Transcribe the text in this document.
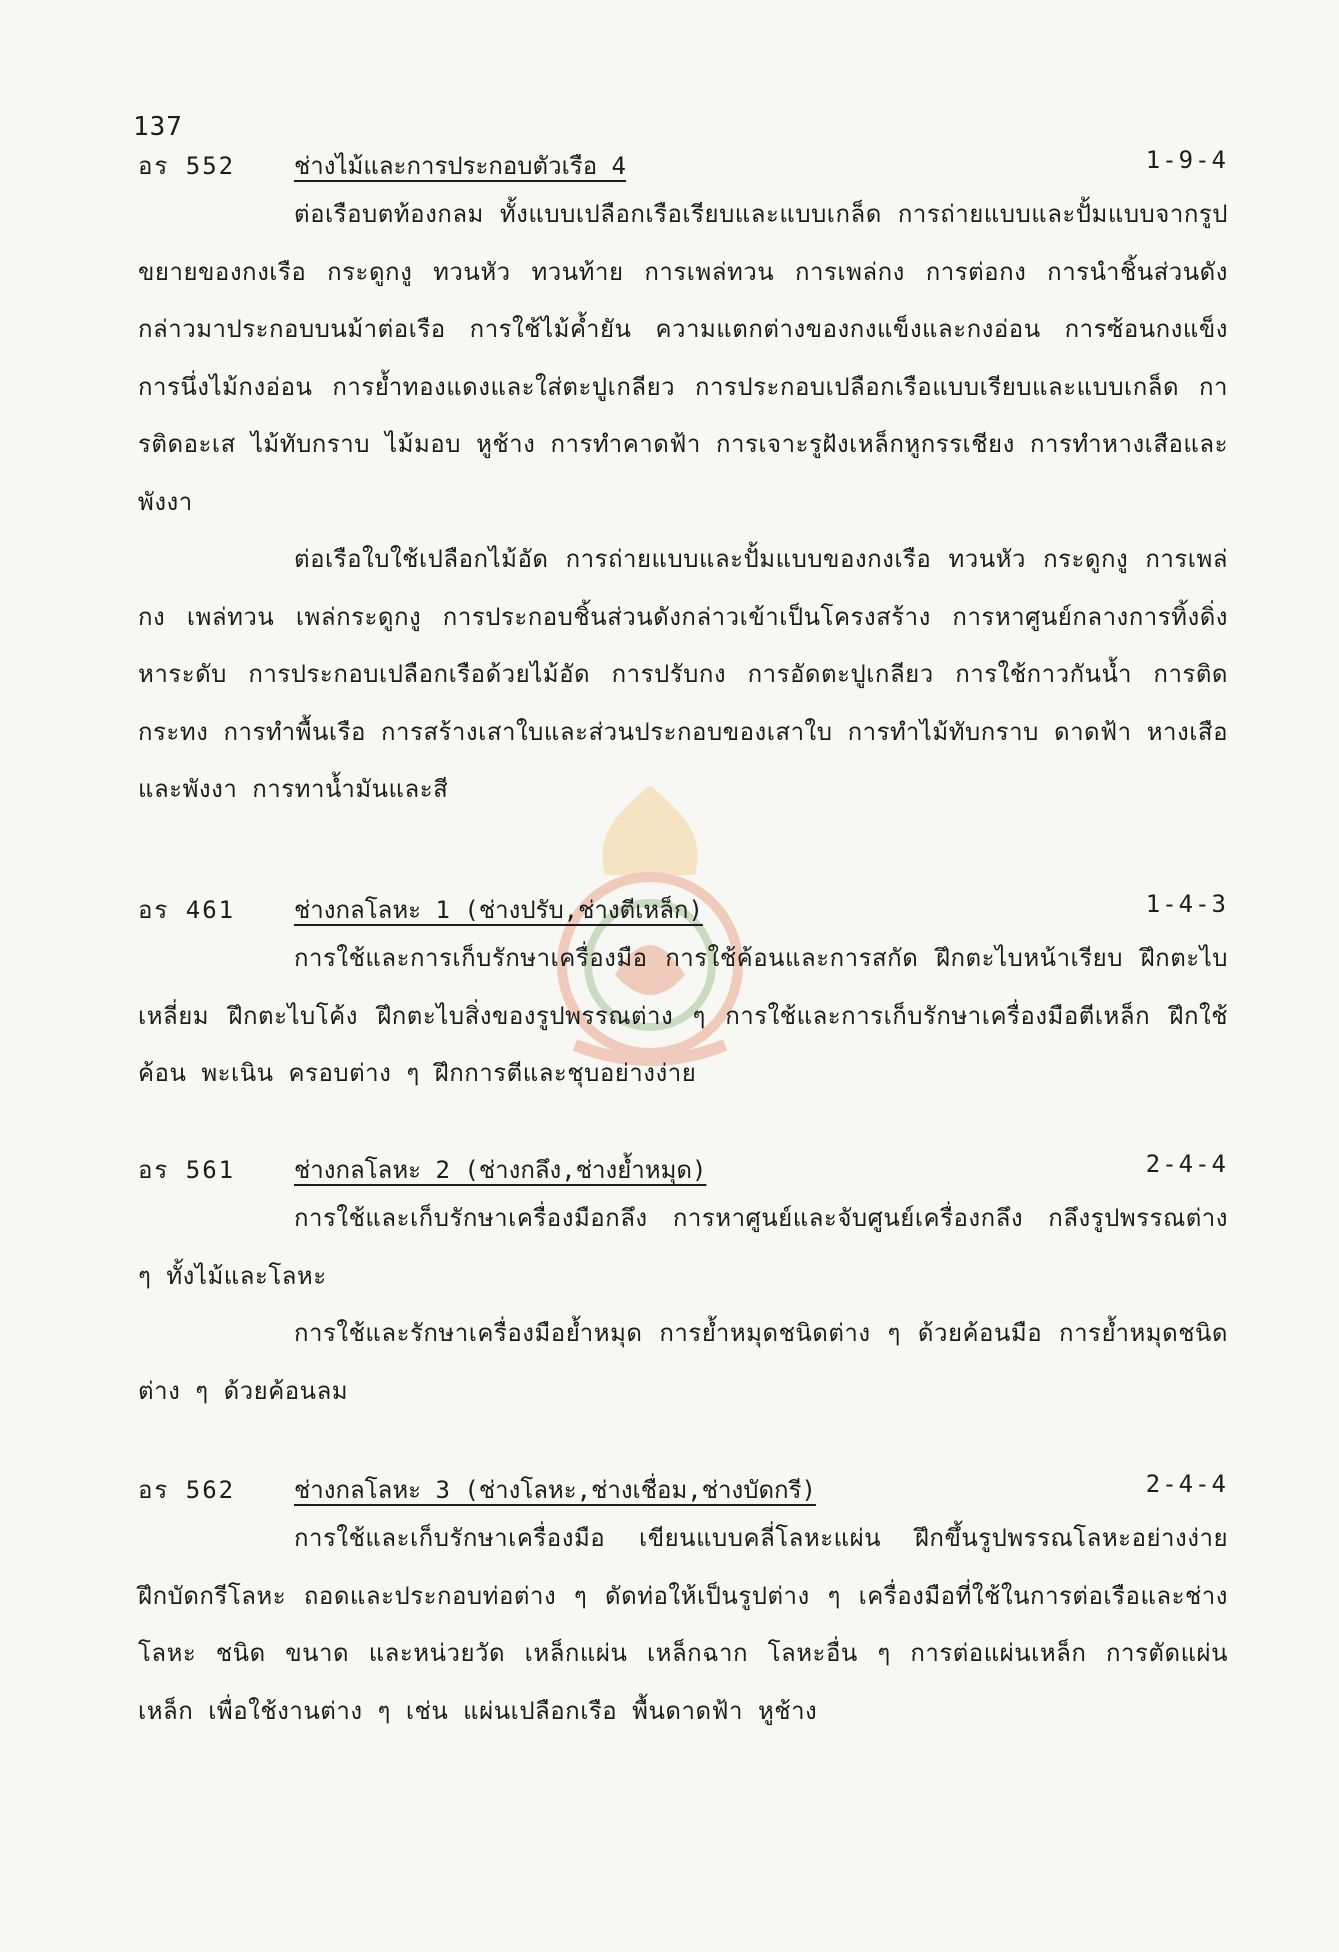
137
อร 552 ช่างไม้และการประกอบตัวเรือ 4	1-9-4

ต่อเรือบตท้องกลม ทั้งแบบเปลือกเรือเรียบและแบบเกล็ด การถ่ายแบบและปั้มแบบจากรูปขยายของกงเรือ กระดูกงู ทวนหัว ทวนท้าย การเพล่ทวน การเพล่กง การต่อกง การนำชิ้นส่วนดังกล่าวมาประกอบบนม้าต่อเรือ การใช้ไม้ค้ำยัน ความแตกต่างของกงแข็งและกงอ่อน การซ้อนกงแข็ง การนึ่งไม้กงอ่อน การย้ำทองแดงและใส่ตะปูเกลียว การประกอบเปลือกเรือแบบเรียบและแบบเกล็ด การติดอะเส ไม้ทับกราบ ไม้มอบ หูช้าง การทำคาดฟ้า การเจาะรูฝังเหล็กหูกรรเชียง การทำหางเสือและพังงา

ต่อเรือใบใช้เปลือกไม้อัด การถ่ายแบบและปั้มแบบของกงเรือ ทวนหัว กระดูกงู การเพล่กง เพล่ทวน เพล่กระดูกงู การประกอบชิ้นส่วนดังกล่าวเข้าเป็นโครงสร้าง การหาศูนย์กลางการทิ้งดิ่งหาระดับ การประกอบเปลือกเรือด้วยไม้อัด การปรับกง การอัดตะปูเกลียว การใช้กาวกันน้ำ การติดกระทง การทำพื้นเรือ การสร้างเสาใบและส่วนประกอบของเสาใบ การทำไม้ทับกราบ ดาดฟ้า หางเสือและพังงา การทาน้ำมันและสี

อร 461 ช่างกลโลหะ 1 (ช่างปรับ,ช่างตีเหล็ก)	1-4-3

การใช้และการเก็บรักษาเครื่องมือ การใช้ค้อนและการสกัด ฝึกตะไบหน้าเรียบ ฝึกตะไบเหลี่ยม ฝึกตะไบโค้ง ฝึกตะไบสิ่งของรูปพรรณต่าง ๆ การใช้และการเก็บรักษาเครื่องมือตีเหล็ก ฝึกใช้ค้อน พะเนิน ครอบต่าง ๆ ฝึกการตีและชุบอย่างง่าย

อร 561 ช่างกลโลหะ 2 (ช่างกลึง,ช่างย้ำหมุด)	2-4-4

การใช้และเก็บรักษาเครื่องมือกลึง การหาศูนย์และจับศูนย์เครื่องกลึง กลึงรูปพรรณต่าง ๆ ทั้งไม้และโลหะ

การใช้และรักษาเครื่องมือย้ำหมุด การย้ำหมุดชนิดต่าง ๆ ด้วยค้อนมือ การย้ำหมุดชนิดต่าง ๆ ด้วยค้อนลม

อร 562 ช่างกลโลหะ 3 (ช่างโลหะ,ช่างเชื่อม,ช่างบัดกรี)	2-4-4

การใช้และเก็บรักษาเครื่องมือ เขียนแบบคลี่โลหะแผ่น ฝึกขึ้นรูปพรรณโลหะอย่างง่าย ฝึกบัดกรีโลหะ ถอดและประกอบท่อต่าง ๆ ดัดท่อให้เป็นรูปต่าง ๆ เครื่องมือที่ใช้ในการต่อเรือและช่างโลหะ ชนิด ขนาด และหน่วยวัด เหล็กแผ่น เหล็กฉาก โลหะอื่น ๆ การต่อแผ่นเหล็ก การตัดแผ่นเหล็ก เพื่อใช้งานต่าง ๆ เช่น แผ่นเปลือกเรือ พื้นดาดฟ้า หูช้าง
